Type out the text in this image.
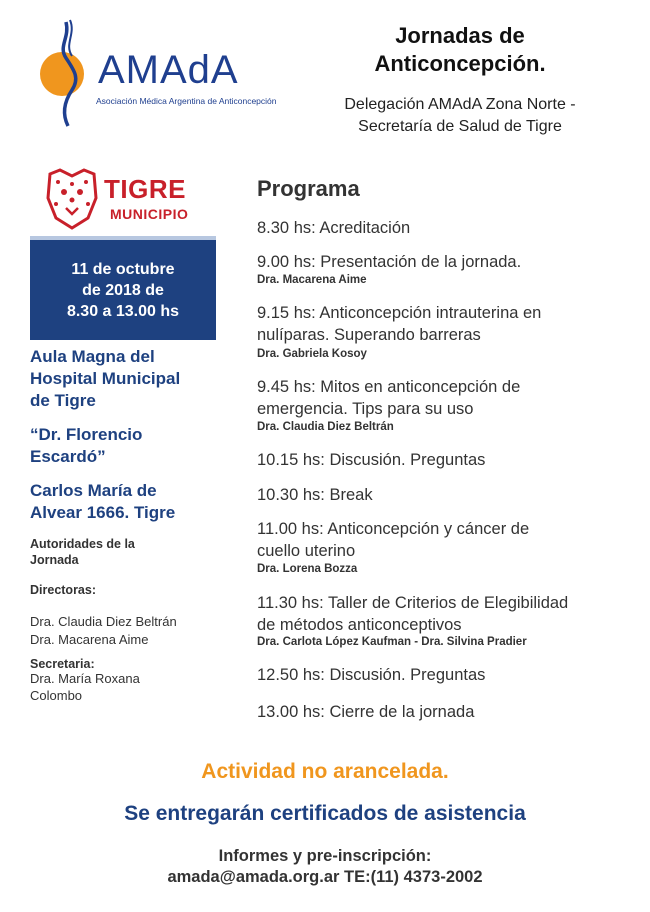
AMAdA
Asociación Médica Argentina de Anticoncepción
Jornadas de
Anticoncepción.
Delegación AMAdA Zona Norte -
Secretaría de Salud de Tigre
TIGRE
MUNICIPIO
11 de octubre
de 2018 de
8.30 a 13.00 hs
Aula Magna del
Hospital Municipal
de Tigre
“Dr. Florencio
Escardó”
Carlos María de
Alvear 1666. Tigre
Autoridades de la
Jornada
Directoras:
Dra. Claudia Diez Beltrán
Dra. Macarena Aime
Secretaria:
Dra. María Roxana
Colombo
Programa
8.30 hs: Acreditación
9.00 hs: Presentación de la jornada.
Dra. Macarena Aime
9.15 hs: Anticoncepción intrauterina en
nulíparas. Superando barreras
Dra. Gabriela Kosoy
9.45 hs: Mitos en anticoncepción de
emergencia. Tips para su uso
Dra. Claudia Diez Beltrán
10.15 hs: Discusión. Preguntas
10.30 hs: Break
11.00 hs: Anticoncepción y cáncer de
cuello uterino
Dra. Lorena Bozza
11.30 hs: Taller de Criterios de Elegibilidad
de métodos anticonceptivos
Dra. Carlota López Kaufman - Dra. Silvina Pradier
12.50 hs: Discusión. Preguntas
13.00 hs: Cierre de la jornada
Actividad no arancelada.
Se entregarán certificados de asistencia
Informes y pre-inscripción:
amada@amada.org.ar TE:(11) 4373-2002
